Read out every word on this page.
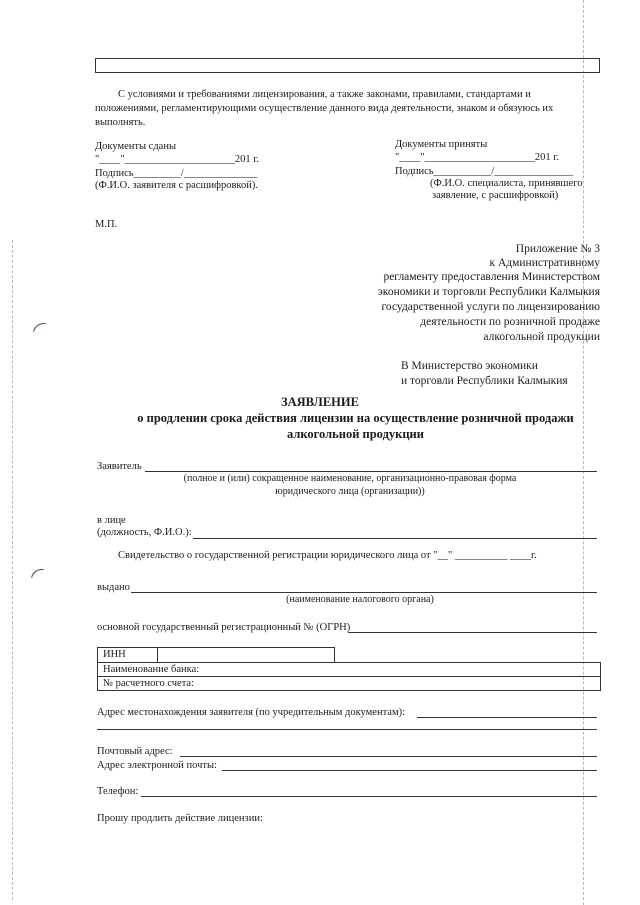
С условиями и требованиями лицензирования, а также законами, правилами, стандартами и
положениями, регламентирующими осуществление данного вида деятельности, знаком и обязуюсь их
выполнять.
Документы сданы
"____"_____________________201 г.
Подпись_________/______________
(Ф.И.О. заявителя с расшифровкой).
Документы приняты
"____"_____________________201 г.
Подпись___________/_______________
(Ф.И.О. специалиста, принявшего
заявление, с расшифровкой)
М.П.
Приложение № 3
к Административному
регламенту предоставления Министерством
экономики и торговли Республики Калмыкия
государственной услуги по лицензированию
деятельности по розничной продаже
алкогольной продукции
В Министерство экономики
и торговли Республики Калмыкия
ЗАЯВЛЕНИЕ
о продлении срока действия лицензии на осуществление розничной продажи
алкогольной продукции
Заявитель
(полное и (или) сокращенное наименование, организационно-правовая форма
юридического лица (организации))
в лице
(должность, Ф.И.О.):
Свидетельство о государственной регистрации юридического лица от "__" __________ ____г.
выдано
(наименование налогового органа)
основной государственный регистрационный № (ОГРН)
ИНН
Наименование банка:
№ расчетного счета:
Адрес местонахождения заявителя (по учредительным документам):
Почтовый адрес:
Адрес электронной почты:
Телефон:
Прошу продлить действие лицензии:
